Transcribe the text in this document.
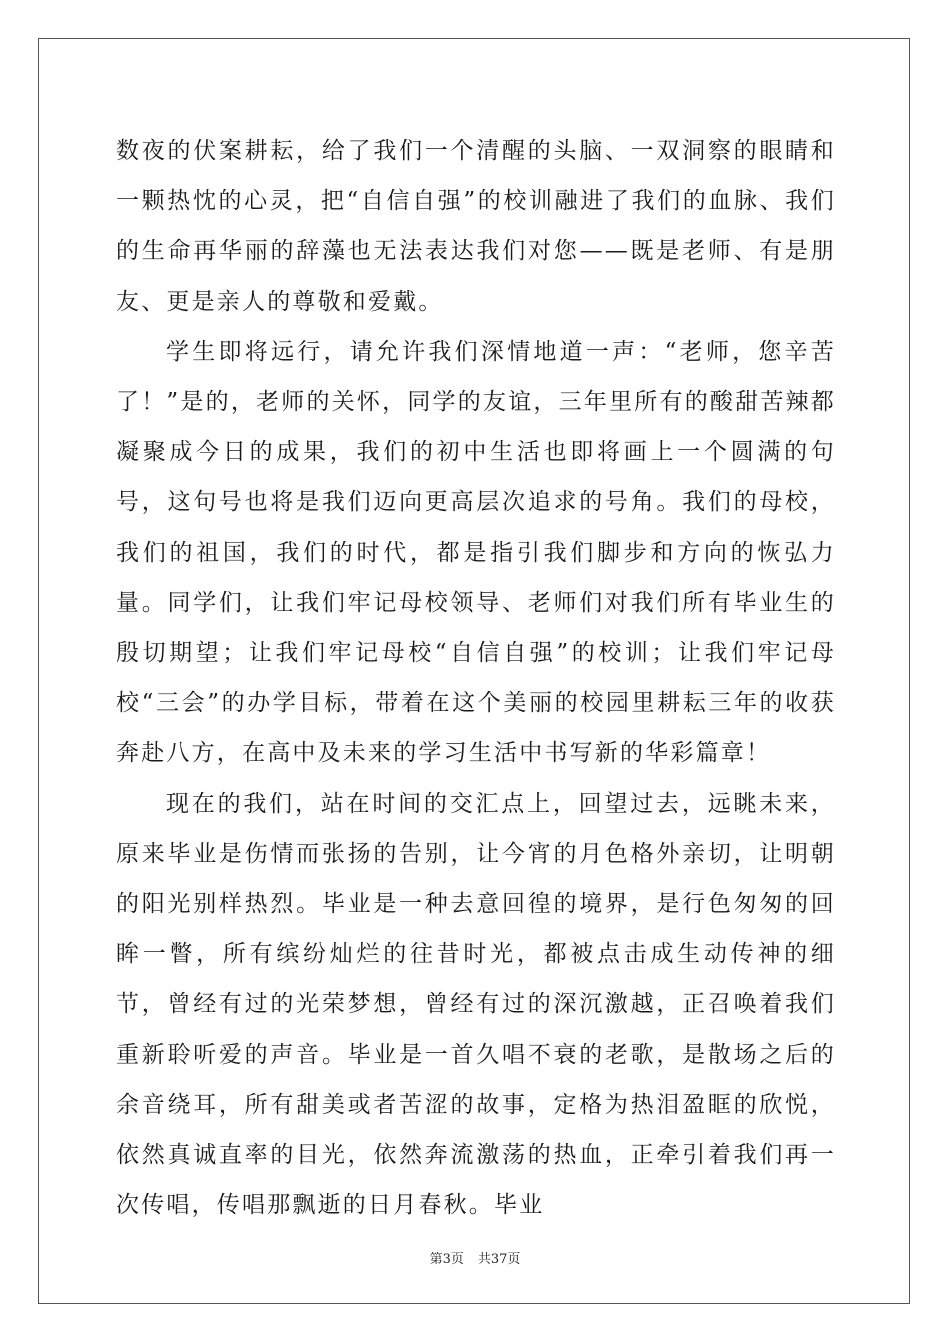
数夜的伏案耕耘，给了我们一个清醒的头脑、一双洞察的眼睛和一颗热忱的心灵，把“自信自强”的校训融进了我们的血脉、我们的生命再华丽的辞藻也无法表达我们对您——既是老师、有是朋友、更是亲人的尊敬和爱戴。

学生即将远行，请允许我们深情地道一声：“老师，您辛苦了！”是的，老师的关怀，同学的友谊，三年里所有的酸甜苦辣都凝聚成今日的成果，我们的初中生活也即将画上一个圆满的句号，这句号也将是我们迈向更高层次追求的号角。我们的母校，我们的祖国，我们的时代，都是指引我们脚步和方向的恢弘力量。同学们，让我们牢记母校领导、老师们对我们所有毕业生的殷切期望；让我们牢记母校“自信自强”的校训；让我们牢记母校“三会”的办学目标，带着在这个美丽的校园里耕耘三年的收获奔赴八方，在高中及未来的学习生活中书写新的华彩篇章！

现在的我们，站在时间的交汇点上，回望过去，远眺未来，原来毕业是伤情而张扬的告别，让今宵的月色格外亲切，让明朝的阳光别样热烈。毕业是一种去意回徨的境界，是行色匆匆的回眸一瞥，所有缤纷灿烂的往昔时光，都被点击成生动传神的细节，曾经有过的光荣梦想，曾经有过的深沉激越，正召唤着我们重新聆听爱的声音。毕业是一首久唱不衰的老歌，是散场之后的余音绕耳，所有甜美或者苦涩的故事，定格为热泪盈眶的欣悦，依然真诚直率的目光，依然奔流激荡的热血，正牵引着我们再一次传唱，传唱那飘逝的日月春秋。毕业

第3页 共37页
